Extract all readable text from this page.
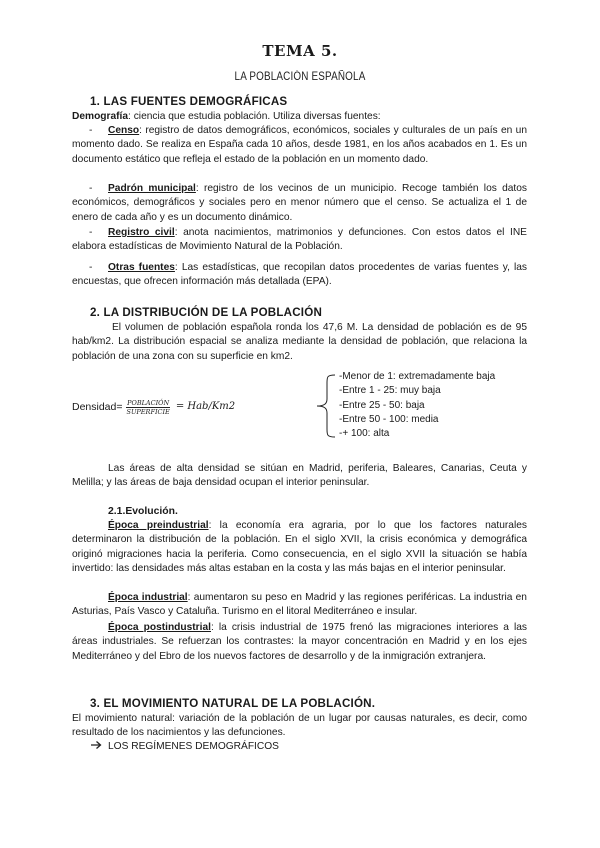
TEMA 5.
LA POBLACIÓN ESPAÑOLA
1. LAS FUENTES DEMOGRÁFICAS
Demografía: ciencia que estudia población. Utiliza diversas fuentes:
-	Censo: registro de datos demográficos, económicos, sociales y culturales de un país en un momento dado. Se realiza en España cada 10 años, desde 1981, en los años acabados en 1. Es un documento estático que refleja el estado de la población en un momento dado.
-	Padrón municipal: registro de los vecinos de un municipio. Recoge también los datos económicos, demográficos y sociales pero en menor número que el censo. Se actualiza el 1 de enero de cada año y es un documento dinámico.
-	Registro civil: anota nacimientos, matrimonios y defunciones. Con estos datos el INE elabora estadísticas de Movimiento Natural de la Población.
-	Otras fuentes: Las estadísticas, que recopilan datos procedentes de varias fuentes y, las encuestas, que ofrecen información más detallada (EPA).
2. LA DISTRIBUCIÓN DE LA POBLACIÓN
El volumen de población española ronda los 47,6 M. La densidad de población es de 95 hab/km2. La distribución espacial se analiza mediante la densidad de población, que relaciona la población de una zona con su superficie en km2.
Densidad= $\frac{\text{POBLACIÓN}}{\text{SUPERFICIE}} = Hab/Km2$
-Menor de 1: extremadamente baja
-Entre 1 - 25: muy baja
-Entre 25 - 50: baja
-Entre 50 - 100: media
-+ 100: alta
Las áreas de alta densidad se sitúan en Madrid, periferia, Baleares, Canarias, Ceuta y Melilla; y las áreas de baja densidad ocupan el interior peninsular.
2.1.Evolución.
Época preindustrial: la economía era agraria, por lo que los factores naturales determinaron la distribución de la población. En el siglo XVII, la crisis económica y demográfica originó migraciones hacia la periferia. Como consecuencia, en el siglo XVII la situación se había invertido: las densidades más altas estaban en la costa y las más bajas en el interior peninsular.
Época industrial: aumentaron su peso en Madrid y las regiones periféricas. La industria en Asturias, País Vasco y Cataluña. Turismo en el litoral Mediterráneo e insular.
Época postindustrial: la crisis industrial de 1975 frenó las migraciones interiores a las áreas industriales. Se refuerzan los contrastes: la mayor concentración en Madrid y en los ejes Mediterráneo y del Ebro de los nuevos factores de desarrollo y de la inmigración extranjera.
3. EL MOVIMIENTO NATURAL DE LA POBLACIÓN.
El movimiento natural: variación de la población de un lugar por causas naturales, es decir, como resultado de los nacimientos y las defunciones.
LOS REGÍMENES DEMOGRÁFICOS
